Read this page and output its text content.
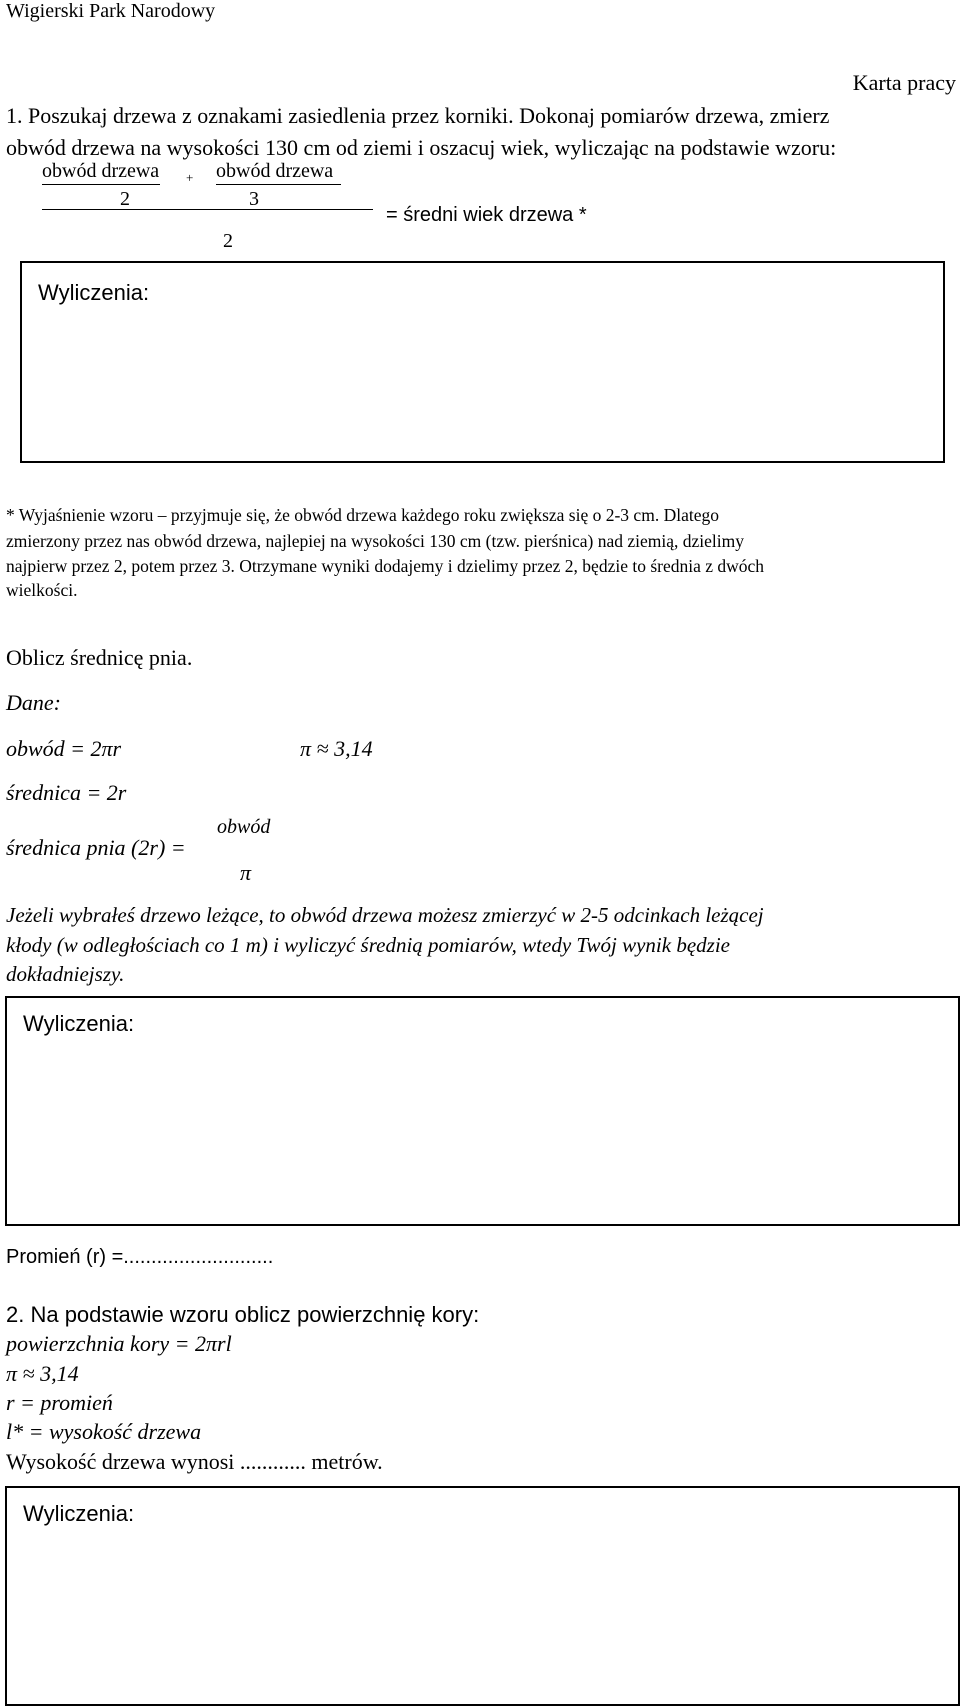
Wigierski Park Narodowy
Karta pracy
1. Poszukaj drzewa z oznakami zasiedlenia przez korniki. Dokonaj pomiarów drzewa, zmierz
obwód drzewa na wysokości 130 cm od ziemi i oszacuj wiek, wyliczając na podstawie wzoru:
obwód drzewa + obwód drzewa
2	3
2
= średni wiek drzewa *
Wyliczenia:
* Wyjaśnienie wzoru – przyjmuje się, że obwód drzewa każdego roku zwiększa się o 2-3 cm. Dlatego
zmierzony przez nas obwód drzewa, najlepiej na wysokości 130 cm (tzw. pierśnica) nad ziemią, dzielimy
najpierw przez 2, potem przez 3. Otrzymane wyniki dodajemy i dzielimy przez 2, będzie to średnia z dwóch
wielkości.
Oblicz średnicę pnia.
Dane:
obwód = 2πr	π ≈ 3,14
średnica = 2r
średnica pnia (2r) =
obwód
π
Jeżeli wybrałeś drzewo leżące, to obwód drzewa możesz zmierzyć w 2-5 odcinkach leżącej
kłody (w odległościach co 1 m) i wyliczyć średnią pomiarów, wtedy Twój wynik będzie
dokładniejszy.
Wyliczenia:
Promień (r) =...........................
2. Na podstawie wzoru oblicz powierzchnię kory:
powierzchnia kory = 2πrl
π ≈ 3,14
r = promień
l* = wysokość drzewa
Wysokość drzewa wynosi ............ metrów.
Wyliczenia:
